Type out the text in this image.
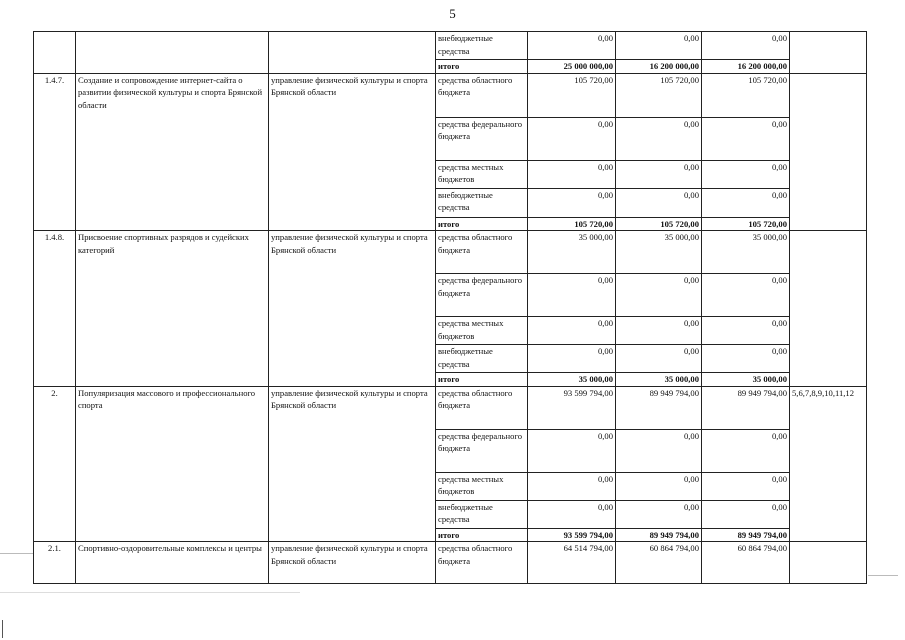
5
			внебюджетные средства	0,00	0,00	0,00	
			итого	25 000 000,00	16 200 000,00	16 200 000,00	
1.4.7.	Создание и сопровождение интернет-сайта о развитии физической культуры и спорта Брянской области	управление физической культуры и спорта Брянской области	средства областного бюджета	105 720,00	105 720,00	105 720,00	
			средства федерального бюджета	0,00	0,00	0,00	
			средства местных бюджетов	0,00	0,00	0,00	
			внебюджетные средства	0,00	0,00	0,00	
			итого	105 720,00	105 720,00	105 720,00	
1.4.8.	Присвоение спортивных разрядов и судейских категорий	управление физической культуры и спорта Брянской области	средства областного бюджета	35 000,00	35 000,00	35 000,00	
			средства федерального бюджета	0,00	0,00	0,00	
			средства местных бюджетов	0,00	0,00	0,00	
			внебюджетные средства	0,00	0,00	0,00	
			итого	35 000,00	35 000,00	35 000,00	
2.	Популяризация массового и профессионального спорта	управление физической культуры и спорта Брянской области	средства областного бюджета	93 599 794,00	89 949 794,00	89 949 794,00	5,6,7,8,9,10,11,12
			средства федерального бюджета	0,00	0,00	0,00	
			средства местных бюджетов	0,00	0,00	0,00	
			внебюджетные средства	0,00	0,00	0,00	
			итого	93 599 794,00	89 949 794,00	89 949 794,00	
2.1.	Спортивно-оздоровительные комплексы и центры	управление физической культуры и спорта Брянской области	средства областного бюджета	64 514 794,00	60 864 794,00	60 864 794,00	
